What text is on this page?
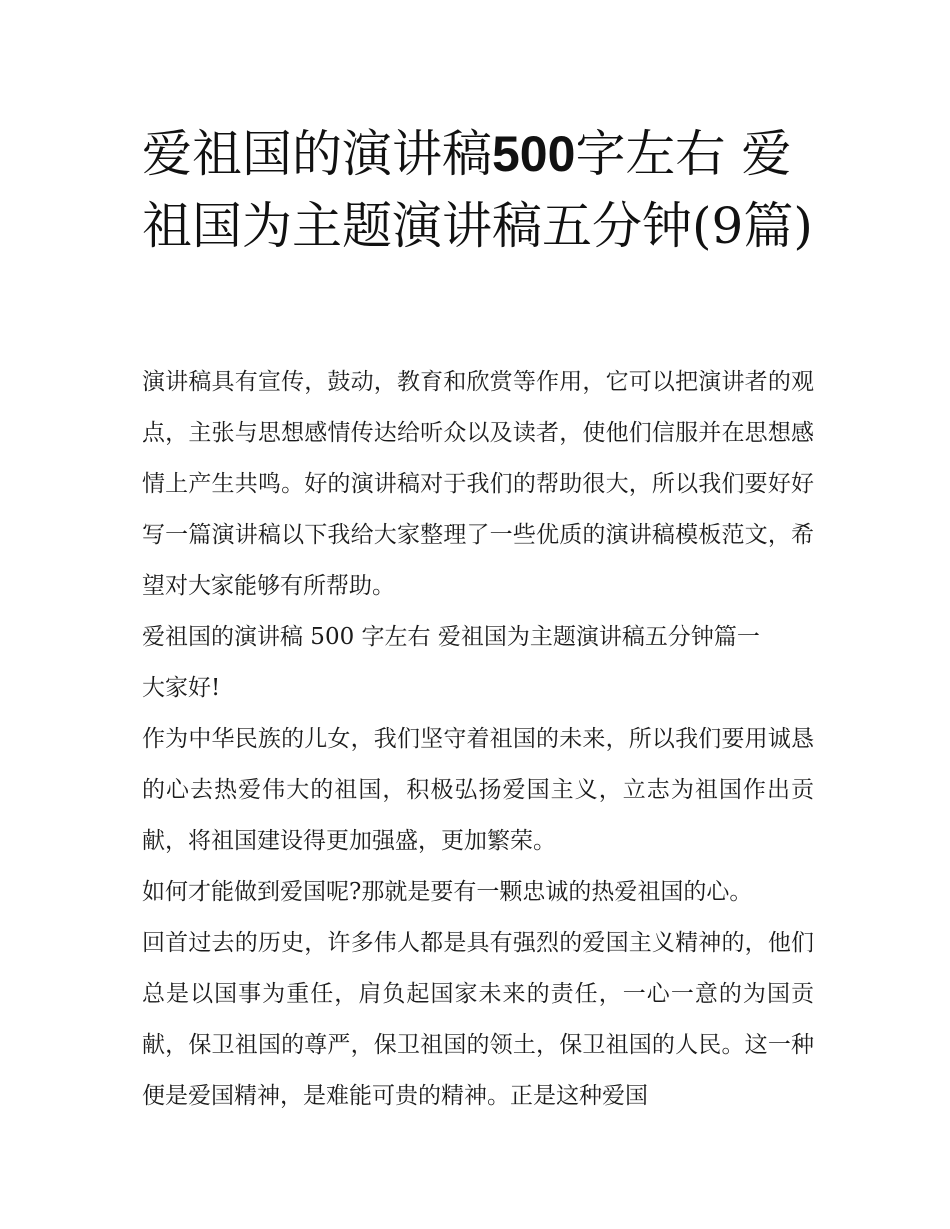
爱祖国的演讲稿500字左右 爱祖国为主题演讲稿五分钟(9篇)

演讲稿具有宣传，鼓动，教育和欣赏等作用，它可以把演讲者的观点，主张与思想感情传达给听众以及读者，使他们信服并在思想感情上产生共鸣。好的演讲稿对于我们的帮助很大，所以我们要好好写一篇演讲稿以下我给大家整理了一些优质的演讲稿模板范文，希望对大家能够有所帮助。

爱祖国的演讲稿 500 字左右 爱祖国为主题演讲稿五分钟篇一

大家好!

作为中华民族的儿女，我们坚守着祖国的未来，所以我们要用诚恳的心去热爱伟大的祖国，积极弘扬爱国主义，立志为祖国作出贡献，将祖国建设得更加强盛，更加繁荣。

如何才能做到爱国呢?那就是要有一颗忠诚的热爱祖国的心。

回首过去的历史，许多伟人都是具有强烈的爱国主义精神的，他们总是以国事为重任，肩负起国家未来的责任，一心一意的为国贡献，保卫祖国的尊严，保卫祖国的领土，保卫祖国的人民。这一种便是爱国精神，是难能可贵的精神。正是这种爱国
